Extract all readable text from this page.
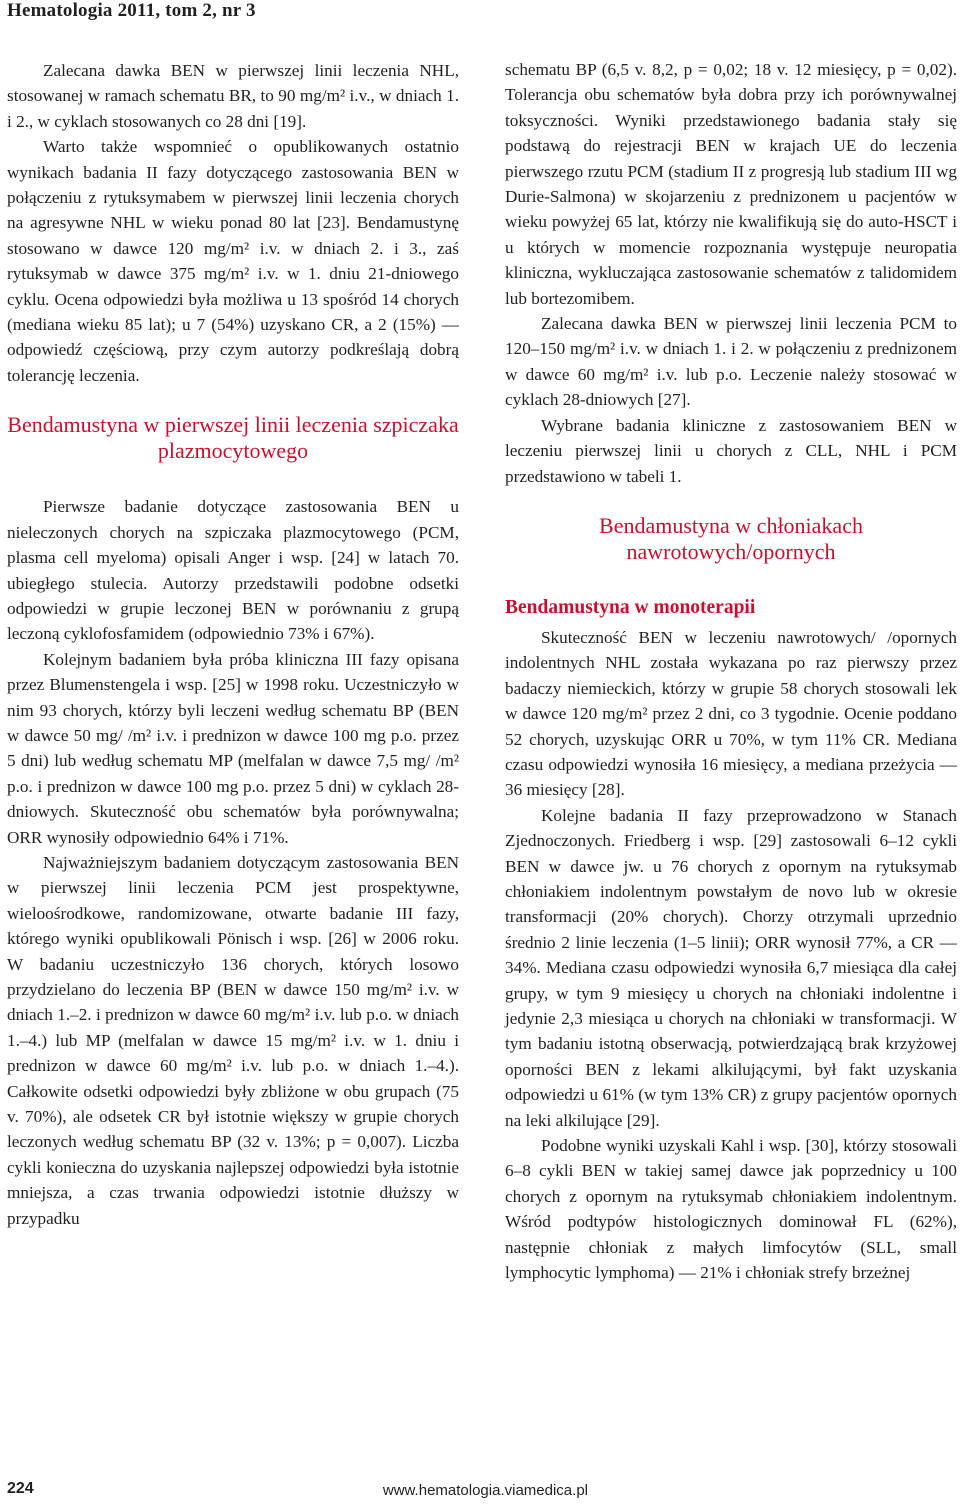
Hematologia 2011, tom 2, nr 3

Zalecana dawka BEN w pierwszej linii leczenia NHL, stosowanej w ramach schematu BR, to 90 mg/m² i.v., w dniach 1. i 2., w cyklach stosowanych co 28 dni [19].

Warto także wspomnieć o opublikowanych ostatnio wynikach badania II fazy dotyczącego zastosowania BEN w połączeniu z rytuksymabem w pierwszej linii leczenia chorych na agresywne NHL w wieku ponad 80 lat [23]. Bendamustynę stosowano w dawce 120 mg/m² i.v. w dniach 2. i 3., zaś rytuksymab w dawce 375 mg/m² i.v. w 1. dniu 21-dniowego cyklu. Ocena odpowiedzi była możliwa u 13 spośród 14 chorych (mediana wieku 85 lat); u 7 (54%) uzyskano CR, a 2 (15%) — odpowiedź częściową, przy czym autorzy podkreślają dobrą tolerancję leczenia.

Bendamustyna w pierwszej linii leczenia szpiczaka plazmocytowego

Pierwsze badanie dotyczące zastosowania BEN u nieleczonych chorych na szpiczaka plazmocytowego (PCM, plasma cell myeloma) opisali Anger i wsp. [24] w latach 70. ubiegłego stulecia. Autorzy przedstawili podobne odsetki odpowiedzi w grupie leczonej BEN w porównaniu z grupą leczoną cyklofosfamidem (odpowiednio 73% i 67%).

Kolejnym badaniem była próba kliniczna III fazy opisana przez Blumenstengela i wsp. [25] w 1998 roku. Uczestniczyło w nim 93 chorych, którzy byli leczeni według schematu BP (BEN w dawce 50 mg/ /m² i.v. i prednizon w dawce 100 mg p.o. przez 5 dni) lub według schematu MP (melfalan w dawce 7,5 mg/ /m² p.o. i prednizon w dawce 100 mg p.o. przez 5 dni) w cyklach 28-dniowych. Skuteczność obu schematów była porównywalna; ORR wynosiły odpowiednio 64% i 71%.

Najważniejszym badaniem dotyczącym zastosowania BEN w pierwszej linii leczenia PCM jest prospektywne, wieloośrodkowe, randomizowane, otwarte badanie III fazy, którego wyniki opublikowali Pönisch i wsp. [26] w 2006 roku. W badaniu uczestniczyło 136 chorych, których losowo przydzielano do leczenia BP (BEN w dawce 150 mg/m² i.v. w dniach 1.–2. i prednizon w dawce 60 mg/m² i.v. lub p.o. w dniach 1.–4.) lub MP (melfalan w dawce 15 mg/m² i.v. w 1. dniu i prednizon w dawce 60 mg/m² i.v. lub p.o. w dniach 1.–4.). Całkowite odsetki odpowiedzi były zbliżone w obu grupach (75 v. 70%), ale odsetek CR był istotnie większy w grupie chorych leczonych według schematu BP (32 v. 13%; p = 0,007). Liczba cykli konieczna do uzyskania najlepszej odpowiedzi była istotnie mniejsza, a czas trwania odpowiedzi istotnie dłuższy w przypadku

schematu BP (6,5 v. 8,2, p = 0,02; 18 v. 12 miesięcy, p = 0,02). Tolerancja obu schematów była dobra przy ich porównywalnej toksyczności. Wyniki przedstawionego badania stały się podstawą do rejestracji BEN w krajach UE do leczenia pierwszego rzutu PCM (stadium II z progresją lub stadium III wg Durie-Salmona) w skojarzeniu z prednizonem u pacjentów w wieku powyżej 65 lat, którzy nie kwalifikują się do auto-HSCT i u których w momencie rozpoznania występuje neuropatia kliniczna, wykluczająca zastosowanie schematów z talidomidem lub bortezomibem.

Zalecana dawka BEN w pierwszej linii leczenia PCM to 120–150 mg/m² i.v. w dniach 1. i 2. w połączeniu z prednizonem w dawce 60 mg/m² i.v. lub p.o. Leczenie należy stosować w cyklach 28-dniowych [27].

Wybrane badania kliniczne z zastosowaniem BEN w leczeniu pierwszej linii u chorych z CLL, NHL i PCM przedstawiono w tabeli 1.

Bendamustyna w chłoniakach nawrotowych/opornych
Bendamustyna w monoterapii

Skuteczność BEN w leczeniu nawrotowych/ /opornych indolentnych NHL została wykazana po raz pierwszy przez badaczy niemieckich, którzy w grupie 58 chorych stosowali lek w dawce 120 mg/m² przez 2 dni, co 3 tygodnie. Ocenie poddano 52 chorych, uzyskując ORR u 70%, w tym 11% CR. Mediana czasu odpowiedzi wynosiła 16 miesięcy, a mediana przeżycia — 36 miesięcy [28].

Kolejne badania II fazy przeprowadzono w Stanach Zjednoczonych. Friedberg i wsp. [29] zastosowali 6–12 cykli BEN w dawce jw. u 76 chorych z opornym na rytuksymab chłoniakiem indolentnym powstałym de novo lub w okresie transformacji (20% chorych). Chorzy otrzymali uprzednio średnio 2 linie leczenia (1–5 linii); ORR wynosił 77%, a CR — 34%. Mediana czasu odpowiedzi wynosiła 6,7 miesiąca dla całej grupy, w tym 9 miesięcy u chorych na chłoniaki indolentne i jedynie 2,3 miesiąca u chorych na chłoniaki w transformacji. W tym badaniu istotną obserwacją, potwierdzającą brak krzyżowej oporności BEN z lekami alkilującymi, był fakt uzyskania odpowiedzi u 61% (w tym 13% CR) z grupy pacjentów opornych na leki alkilujące [29].

Podobne wyniki uzyskali Kahl i wsp. [30], którzy stosowali 6–8 cykli BEN w takiej samej dawce jak poprzednicy u 100 chorych z opornym na rytuksymab chłoniakiem indolentnym. Wśród podtypów histologicznych dominował FL (62%), następnie chłoniak z małych limfocytów (SLL, small lymphocytic lymphoma) — 21% i chłoniak strefy brzeżnej

224	www.hematologia.viamedica.pl
